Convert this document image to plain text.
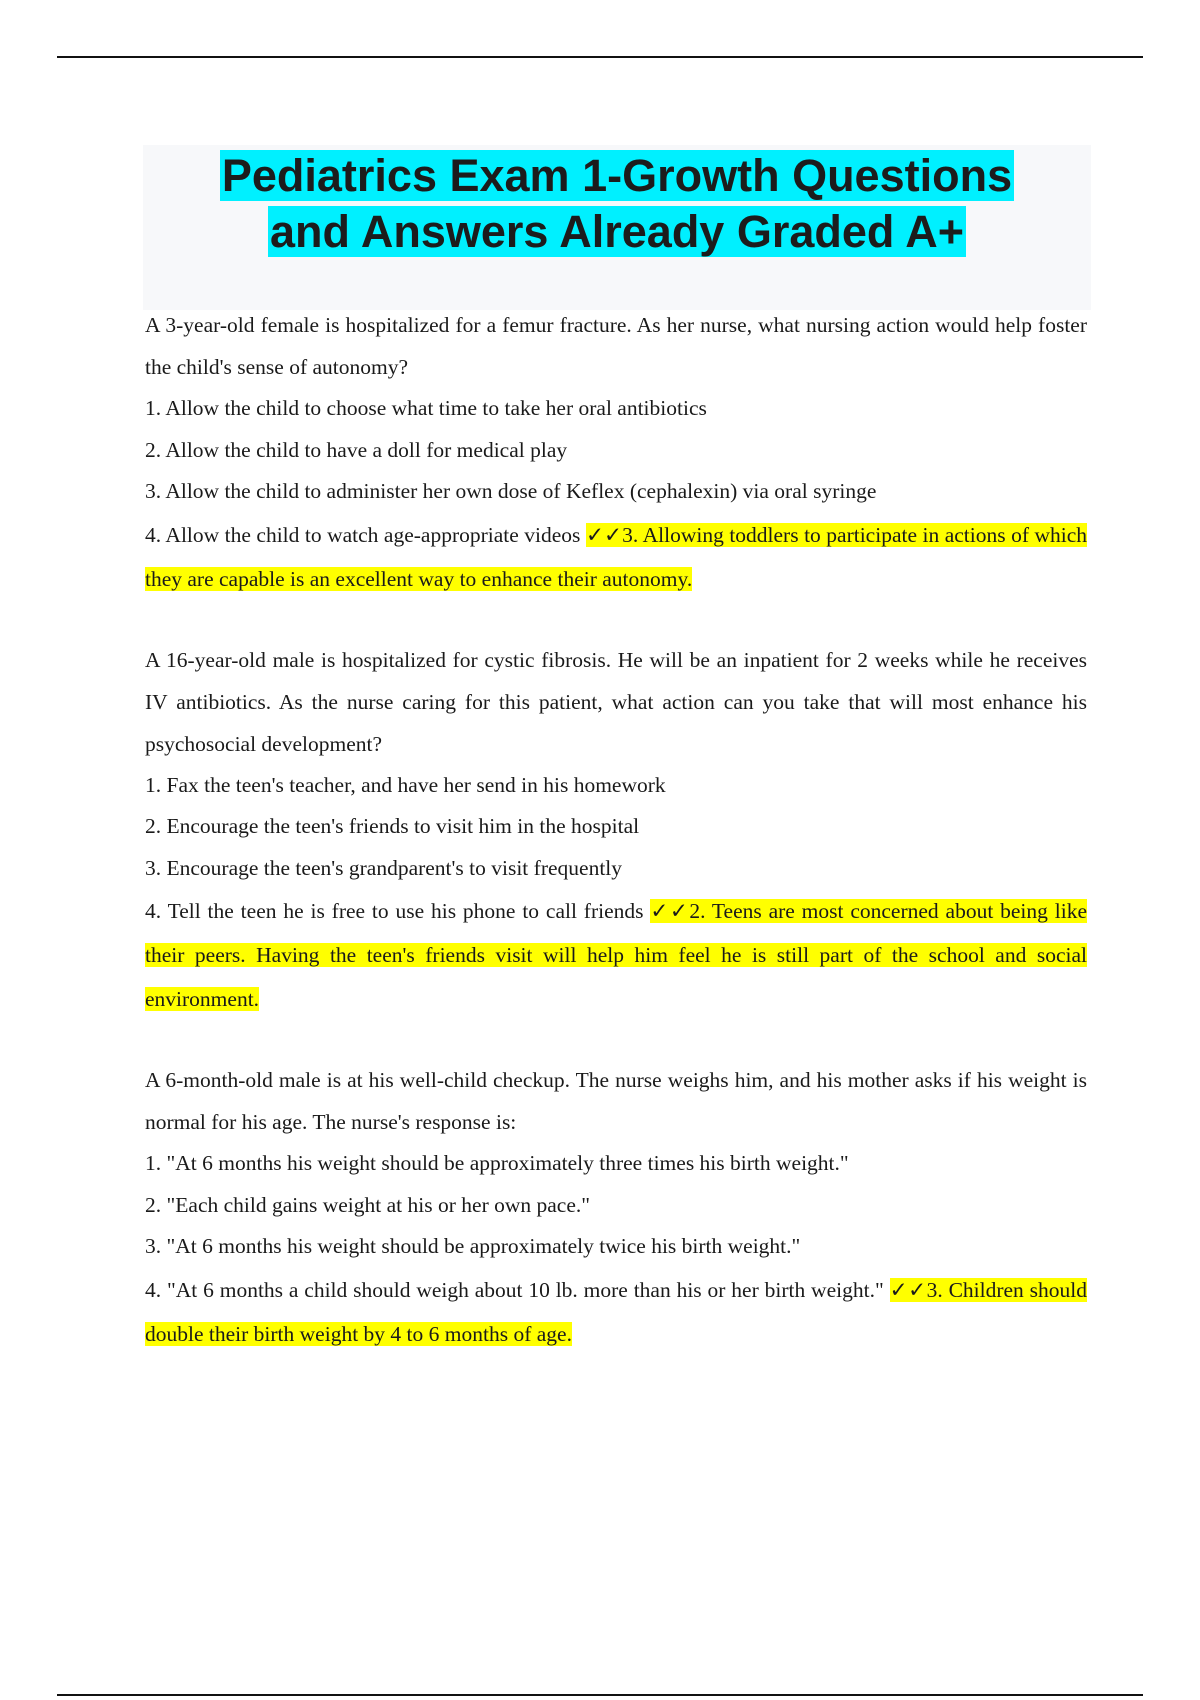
Pediatrics Exam 1-Growth Questions
and Answers Already Graded A+

A 3-year-old female is hospitalized for a femur fracture. As her nurse, what nursing action would help foster the child's sense of autonomy?

1. Allow the child to choose what time to take her oral antibiotics

2. Allow the child to have a doll for medical play

3. Allow the child to administer her own dose of Keflex (cephalexin) via oral syringe

4. Allow the child to watch age-appropriate videos ✓✓3. Allowing toddlers to participate in actions of which they are capable is an excellent way to enhance their autonomy.

A 16-year-old male is hospitalized for cystic fibrosis. He will be an inpatient for 2 weeks while he receives IV antibiotics. As the nurse caring for this patient, what action can you take that will most enhance his psychosocial development?

1. Fax the teen's teacher, and have her send in his homework

2. Encourage the teen's friends to visit him in the hospital

3. Encourage the teen's grandparent's to visit frequently

4. Tell the teen he is free to use his phone to call friends ✓✓2. Teens are most concerned about being like their peers. Having the teen's friends visit will help him feel he is still part of the school and social environment.

A 6-month-old male is at his well-child checkup. The nurse weighs him, and his mother asks if his weight is normal for his age. The nurse's response is:

1. "At 6 months his weight should be approximately three times his birth weight."

2. "Each child gains weight at his or her own pace."

3. "At 6 months his weight should be approximately twice his birth weight."

4. "At 6 months a child should weigh about 10 lb. more than his or her birth weight." ✓✓3. Children should double their birth weight by 4 to 6 months of age.
